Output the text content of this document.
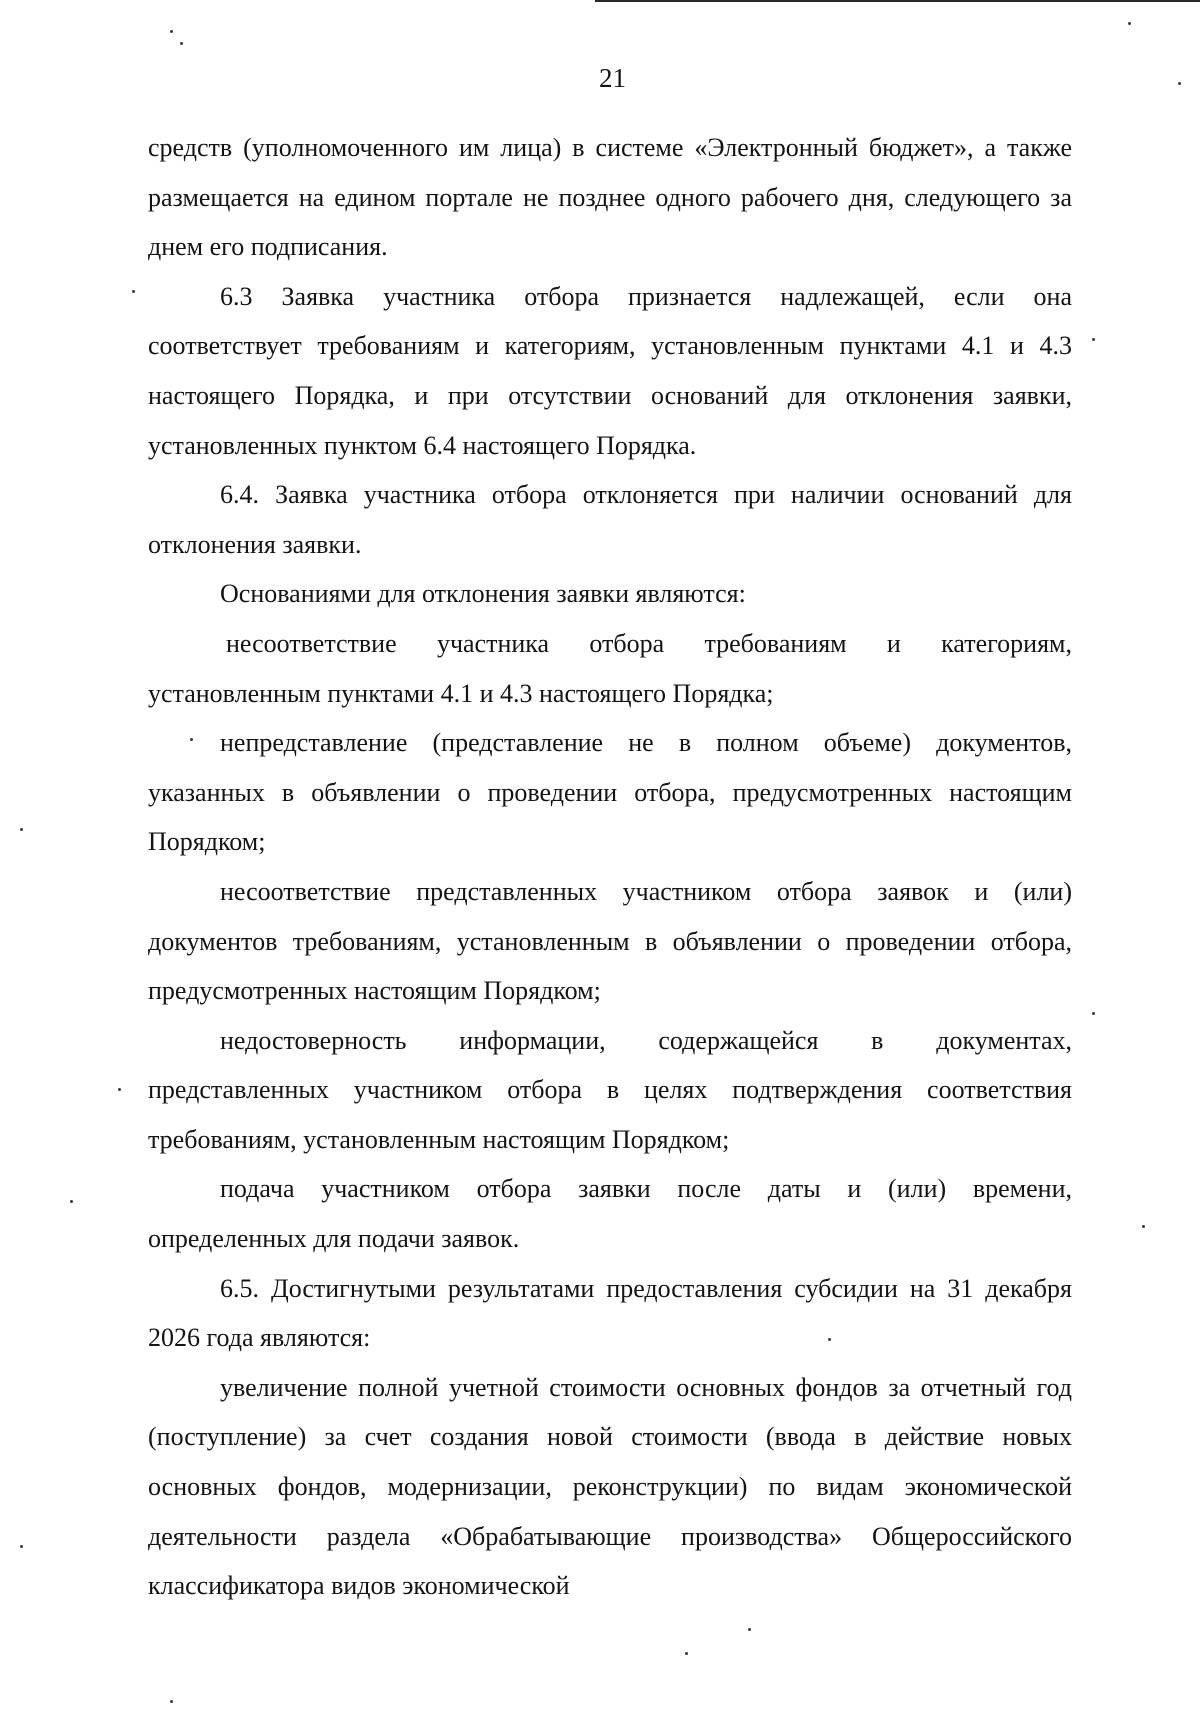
21

средств (уполномоченного им лица) в системе «Электронный бюджет», а также размещается на едином портале не позднее одного рабочего дня, следующего за днем его подписания.

6.3 Заявка участника отбора признается надлежащей, если она соответствует требованиям и категориям, установленным пунктами 4.1 и 4.3 настоящего Порядка, и при отсутствии оснований для отклонения заявки, установленных пунктом 6.4 настоящего Порядка.

6.4. Заявка участника отбора отклоняется при наличии оснований для отклонения заявки.

Основаниями для отклонения заявки являются:

несоответствие участника отбора требованиям и категориям, установленным пунктами 4.1 и 4.3 настоящего Порядка;

непредставление (представление не в полном объеме) документов, указанных в объявлении о проведении отбора, предусмотренных настоящим Порядком;

несоответствие представленных участником отбора заявок и (или) документов требованиям, установленным в объявлении о проведении отбора, предусмотренных настоящим Порядком;

недостоверность информации, содержащейся в документах, представленных участником отбора в целях подтверждения соответствия требованиям, установленным настоящим Порядком;

подача участником отбора заявки после даты и (или) времени, определенных для подачи заявок.

6.5. Достигнутыми результатами предоставления субсидии на 31 декабря 2026 года являются:

увеличение полной учетной стоимости основных фондов за отчетный год (поступление) за счет создания новой стоимости (ввода в действие новых основных фондов, модернизации, реконструкции) по видам экономической деятельности раздела «Обрабатывающие производства» Общероссийского классификатора видов экономической
